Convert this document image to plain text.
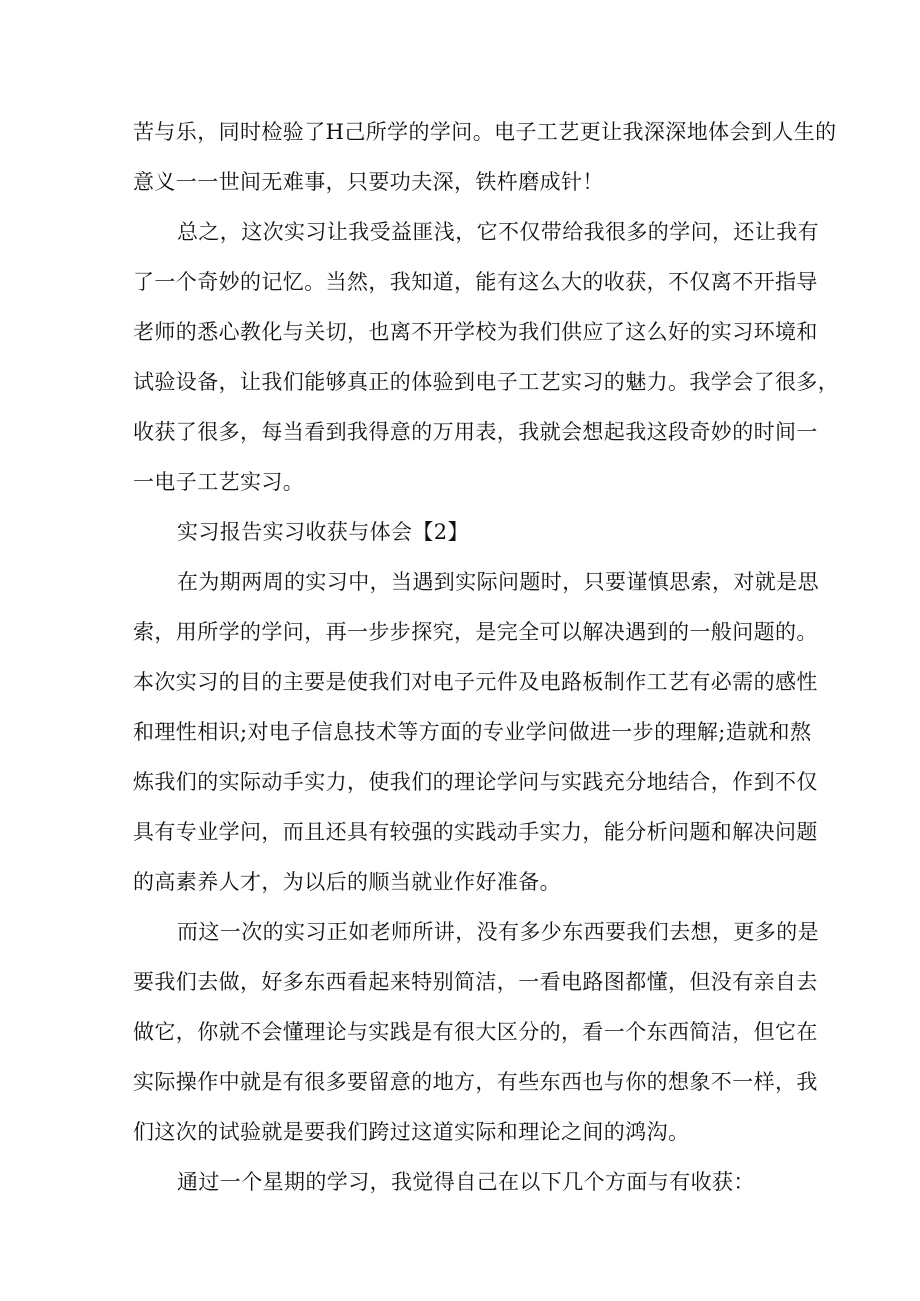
苦与乐，同时检验了H己所学的学问。电子工艺更让我深深地体会到人生的
意义一一世间无难事，只要功夫深，铁杵磨成针！
总之，这次实习让我受益匪浅，它不仅带给我很多的学问，还让我有
了一个奇妙的记忆。当然，我知道，能有这么大的收获，不仅离不开指导
老师的悉心教化与关切，也离不开学校为我们供应了这么好的实习环境和
试验设备，让我们能够真正的体验到电子工艺实习的魅力。我学会了很多，
收获了很多，每当看到我得意的万用表，我就会想起我这段奇妙的时间一
一电子工艺实习。
实习报告实习收获与体会【2】
在为期两周的实习中，当遇到实际问题时，只要谨慎思索，对就是思
索，用所学的学问，再一步步探究，是完全可以解决遇到的一般问题的。
本次实习的目的主要是使我们对电子元件及电路板制作工艺有必需的感性
和理性相识;对电子信息技术等方面的专业学问做进一步的理解;造就和熬
炼我们的实际动手实力，使我们的理论学问与实践充分地结合，作到不仅
具有专业学问，而且还具有较强的实践动手实力，能分析问题和解决问题
的高素养人才，为以后的顺当就业作好准备。
而这一次的实习正如老师所讲，没有多少东西要我们去想，更多的是
要我们去做，好多东西看起来特别简洁，一看电路图都懂，但没有亲自去
做它，你就不会懂理论与实践是有很大区分的，看一个东西简洁，但它在
实际操作中就是有很多要留意的地方，有些东西也与你的想象不一样，我
们这次的试验就是要我们跨过这道实际和理论之间的鸿沟。
通过一个星期的学习，我觉得自己在以下几个方面与有收获：
